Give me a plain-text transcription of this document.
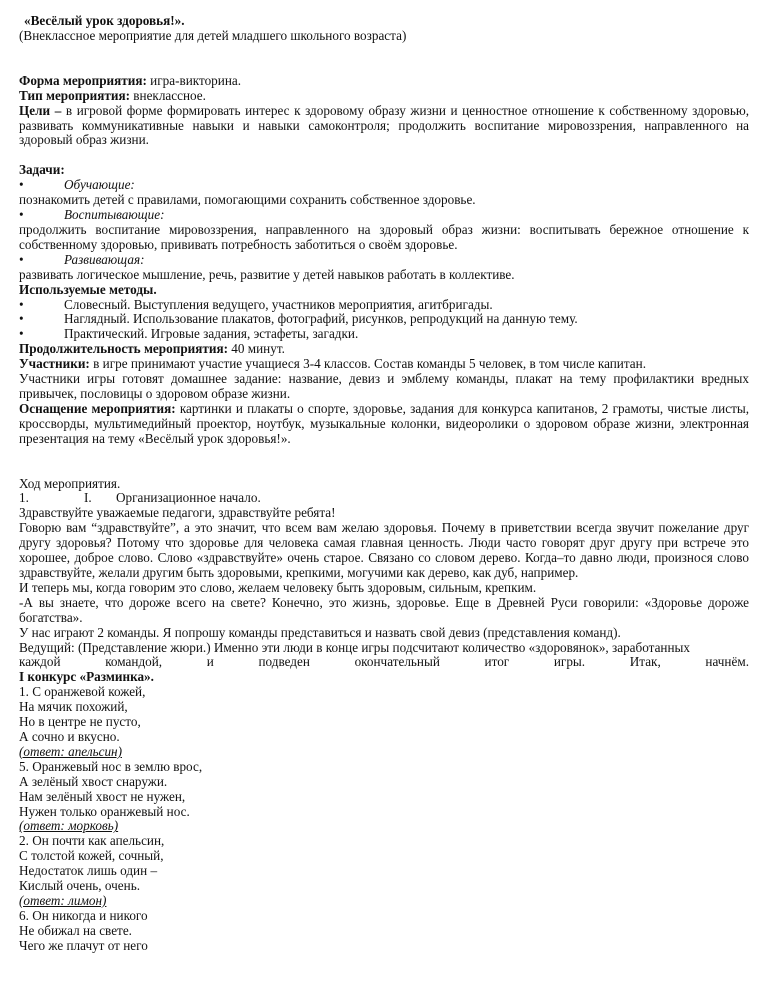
«Весёлый урок здоровья!».

(Внеклассное мероприятие для детей младшего школьного возраста)

Форма мероприятия: игра-викторина.

Тип мероприятия: внеклассное.

Цели – в игровой форме формировать интерес к здоровому образу жизни и ценностное отношение к собственному здоровью, развивать коммуникативные навыки и навыки самоконтроля; продолжить воспитание мировоззрения, направленного на здоровый образ жизни.

Задачи:

•	Обучающие:

познакомить детей с правилами, помогающими сохранить собственное здоровье.

•	Воспитывающие:

продолжить воспитание мировоззрения, направленного на здоровый образ жизни: воспитывать бережное отношение к собственному здоровью, прививать потребность заботиться о своём здоровье.

•	Развивающая:

развивать логическое мышление, речь, развитие у детей навыков работать в коллективе.

Используемые методы.

•	Словесный. Выступления ведущего, участников мероприятия, агитбригады.
•	Наглядный. Использование плакатов, фотографий, рисунков, репродукций на данную тему.
•	Практический. Игровые задания, эстафеты, загадки.

Продолжительность мероприятия: 40 минут.

Участники: в игре принимают участие учащиеся 3-4 классов. Состав команды 5 человек, в том числе капитан.

Участники игры готовят домашнее задание: название, девиз и эмблему команды, плакат на тему профилактики вредных привычек, пословицы о здоровом образе жизни.

Оснащение мероприятия: картинки и плакаты о спорте, здоровье, задания для конкурса капитанов, 2 грамоты, чистые листы, кроссворды, мультимедийный проектор, ноутбук, музыкальные колонки, видеоролики о здоровом образе жизни, электронная презентация на тему «Весёлый урок здоровья!».

Ход мероприятия.

1.	I.	Организационное начало.

Здравствуйте уважаемые педагоги, здравствуйте ребята!

Говорю вам “здравствуйте”, а это значит, что всем вам желаю здоровья. Почему в приветствии всегда звучит пожелание друг другу здоровья? Потому что здоровье для человека самая главная ценность. Люди часто говорят друг другу при встрече это хорошее, доброе слово. Слово «здравствуйте» очень старое. Связано со словом дерево. Когда–то давно люди, произнося слово здравствуйте, желали другим быть здоровыми, крепкими, могучими как дерево, как дуб, например.

И теперь мы, когда говорим это слово, желаем человеку быть здоровым, сильным, крепким.

-А вы знаете, что дороже всего на свете? Конечно, это жизнь, здоровье. Еще в Древней Руси говорили: «Здоровье дороже богатства».

У нас играют 2 команды. Я попрошу команды представиться и назвать свой девиз (представления команд).

Ведущий: (Представление жюри.) Именно эти люди в конце игры подсчитают количество «здоровянок», заработанных

каждой командой, и подведен окончательный итог игры. Итак, начнём.

I конкурс «Разминка».

1. С оранжевой кожей,

На мячик похожий,

Но в центре не пусто,

А сочно и вкусно.

(ответ: апельсин)

5. Оранжевый нос в землю врос,

А зелёный хвост снаружи.

Нам зелёный хвост не нужен,

Нужен только оранжевый нос.

(ответ: морковь)

2. Он почти как апельсин,

С толстой кожей, сочный,

Недостаток лишь один –

Кислый очень, очень.

(ответ: лимон)

6. Он никогда и никого

Не обижал на свете.

Чего же плачут от него
